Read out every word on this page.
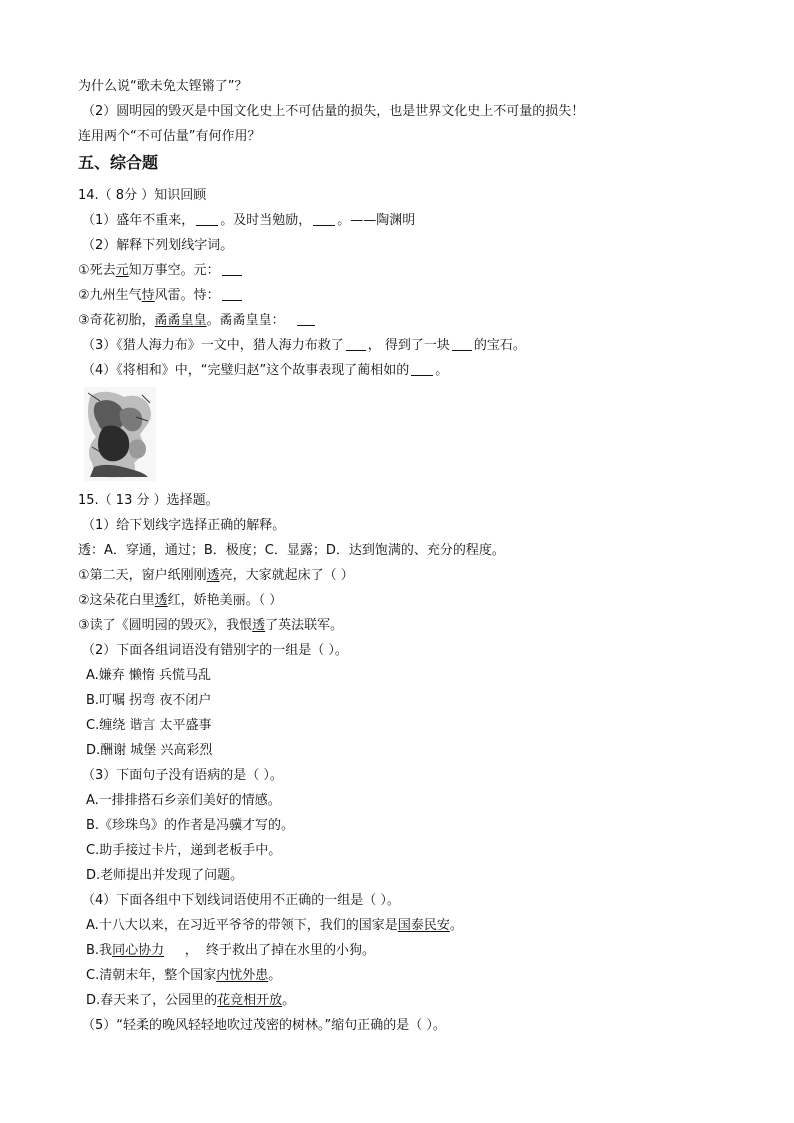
为什么说“歌未免太铿锵了”？
（2）圆明园的毁灭是中国文化史上不可估量的损失，也是世界文化史上不可量的损失！
连用两个“不可估量”有何作用？
五、综合题
14.（ 8分 ）知识回顾
（1）盛年不重来， 。及时当勉励， 。——陶渊明
（2）解释下列划线字词。
①死去元知万事空。元：
②九州生气恃风雷。恃：
③奇花初胎，矞矞皇皇。矞矞皇皇：
（3）《猎人海力布》一文中，猎人海力布救了 ， 得到了一块 的宝石。
（4）《将相和》中，“完璧归赵”这个故事表现了蔺相如的 。
15.（ 13 分 ）选择题。
（1）给下划线字选择正确的解释。
透：A．穿通，通过；B．极度；C．显露；D．达到饱满的、充分的程度。
①第二天，窗户纸刚刚透亮，大家就起床了（ ）
②这朵花白里透红，娇艳美丽。（ ）
③读了《圆明园的毁灭》，我恨透了英法联军。
（2）下面各组词语没有错别字的一组是（ ）。
A.嫌弃 懒惰 兵慌马乱
B.叮嘱 拐弯 夜不闭户
C.缠绕 谐言 太平盛事
D.酬谢 城堡 兴高彩烈
（3）下面句子没有语病的是（ ）。
A.一排排搭石乡亲们美好的情感。
B.《珍珠鸟》的作者是冯骥才写的。
C.助手接过卡片，递到老板手中。
D.老师提出并发现了问题。
（4）下面各组中下划线词语使用不正确的一组是（ ）。
A.十八大以来，在习近平爷爷的带领下，我们的国家是国泰民安。
B.我同心协力     ，  终于救出了掉在水里的小狗。
C.清朝末年，整个国家内忧外患。
D.春天来了，公园里的花竞相开放。
（5）“轻柔的晚风轻轻地吹过茂密的树林。”缩句正确的是（ ）。
